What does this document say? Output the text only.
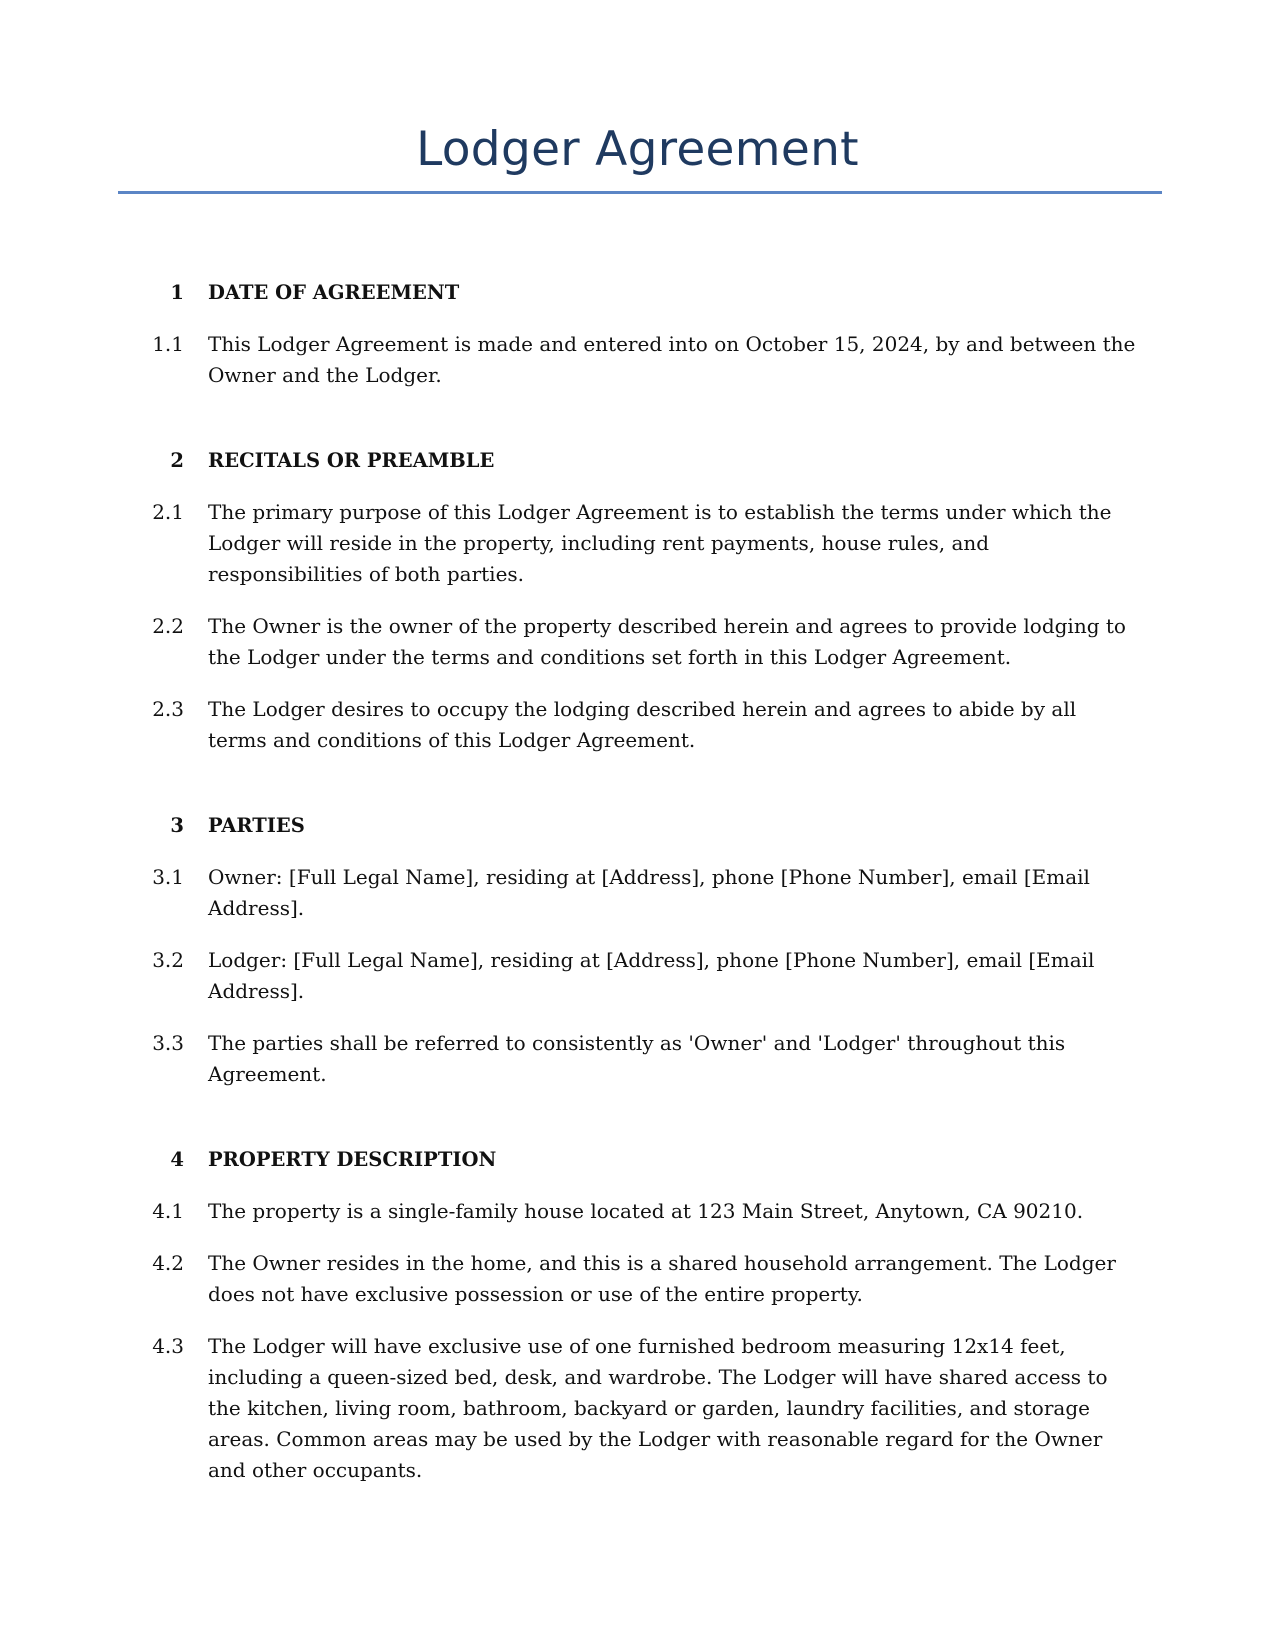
Lodger Agreement
1 DATE OF AGREEMENT
1.1 This Lodger Agreement is made and entered into on October 15, 2024, by and between the Owner and the Lodger.
2 RECITALS OR PREAMBLE
2.1 The primary purpose of this Lodger Agreement is to establish the terms under which the Lodger will reside in the property, including rent payments, house rules, and responsibilities of both parties.
2.2 The Owner is the owner of the property described herein and agrees to provide lodging to the Lodger under the terms and conditions set forth in this Lodger Agreement.
2.3 The Lodger desires to occupy the lodging described herein and agrees to abide by all terms and conditions of this Lodger Agreement.
3 PARTIES
3.1 Owner: [Full Legal Name], residing at [Address], phone [Phone Number], email [Email Address].
3.2 Lodger: [Full Legal Name], residing at [Address], phone [Phone Number], email [Email Address].
3.3 The parties shall be referred to consistently as 'Owner' and 'Lodger' throughout this Agreement.
4 PROPERTY DESCRIPTION
4.1 The property is a single-family house located at 123 Main Street, Anytown, CA 90210.
4.2 The Owner resides in the home, and this is a shared household arrangement. The Lodger does not have exclusive possession or use of the entire property.
4.3 The Lodger will have exclusive use of one furnished bedroom measuring 12x14 feet, including a queen-sized bed, desk, and wardrobe. The Lodger will have shared access to the kitchen, living room, bathroom, backyard or garden, laundry facilities, and storage areas. Common areas may be used by the Lodger with reasonable regard for the Owner and other occupants.
